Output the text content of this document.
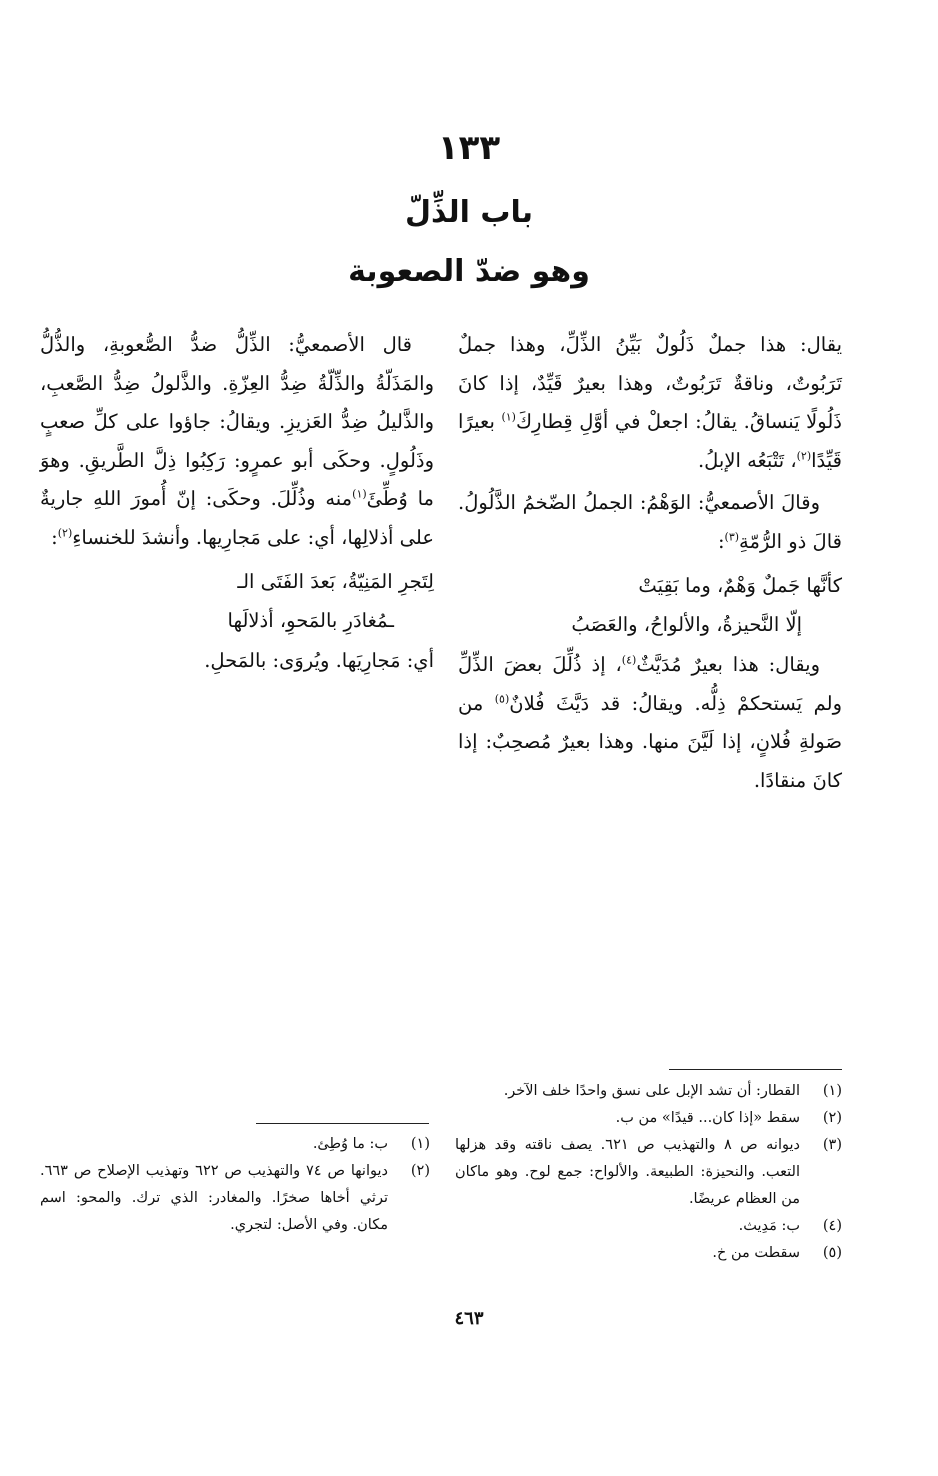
١٣٣
باب الذِّلّ
وهو ضدّ الصعوبة

يقال: هذا جملٌ ذَلُولٌ بَيِّنُ الذِّلِّ، وهذا جملٌ تَرَبُوتٌ، وناقةٌ تَرَبُوتٌ، وهذا بعيرٌ قَيِّدٌ، إذا كانَ ذَلُولًا يَنساقُ. يقالُ: اجعلْ في أوَّلِ قِطارِكَ$^{(١)}$ بعيرًا قَيِّدًا$^{(٢)}$، تَتْبَعُه الإبلُ.

وقالَ الأصمعيُّ: الوَهْمُ: الجملُ الضّخمُ الذَّلُولُ. قالَ ذو الرُّمّةِ$^{(٣)}$:

كأنَّها جَملٌ وَهْمٌ، وما بَقِيَتْ
إلّا النَّحيزةُ، والألواحُ، والعَصَبُ

ويقال: هذا بعيرٌ مُدَيَّثٌ$^{(٤)}$، إذ ذُلِّلَ بعضَ الذِّلِّ ولم يَستحكمْ ذِلُّه. ويقالُ: قد دَيَّثَ فُلانٌ$^{(٥)}$ من صَولةِ فُلانٍ، إذا لَيَّنَ منها. وهذا بعيرٌ مُصحِبٌ: إذا كانَ منقادًا.

قال الأصمعيُّ: الذِّلُّ ضدُّ الصُّعوبةِ، والذُّلُّ والمَذَلّةُ والذِّلّةُ ضِدُّ العِزّةِ. والذَّلولُ ضِدُّ الصَّعبِ، والذَّليلُ ضِدُّ العَزيزِ. ويقالُ: جاؤوا على كلِّ صعبٍ وذَلُولٍ. وحكَى أبو عمرٍو: رَكِبُوا ذِلَّ الطَّريقِ. وهوَ ما وُطِّئَ$^{(١)}$منه وذُلِّلَ. وحكَى: إنّ أُمورَ اللهِ جاريةٌ على أذلالِها، أي: على مَجارِيها. وأنشدَ للخنساءِ$^{(٢)}$:

لِتَجرِ المَنِيّةُ، بَعدَ الفَتَى الـ
ـمُغادَرِ بالمَحوِ، أذلالَها

أي: مَجارِيَها. ويُروَى: بالمَحلِ.

(١)
القطار: أن تشد الإبل على نسق واحدًا خلف الآخر.
(٢)
سقط «إذا كان... قيدًا» من ب.
(٣)
ديوانه ص ٨ والتهذيب ص ٦٢١. يصف ناقته وقد هزلها التعب. والنحيزة: الطبيعة. والألواح: جمع لوح. وهو ماكان من العظام عريضًا.
(٤)
ب: مَدِيث.
(٥)
سقطت من خ.
(١)
ب: ما وُطِئ.
(٢)
ديوانها ص ٧٤ والتهذيب ص ٦٢٢ وتهذيب الإصلاح ص ٦٦٣. ترثي أخاها صخرًا. والمغادر: الذي ترك. والمحو: اسم مكان. وفي الأصل: لتجري.
٤٦٣
